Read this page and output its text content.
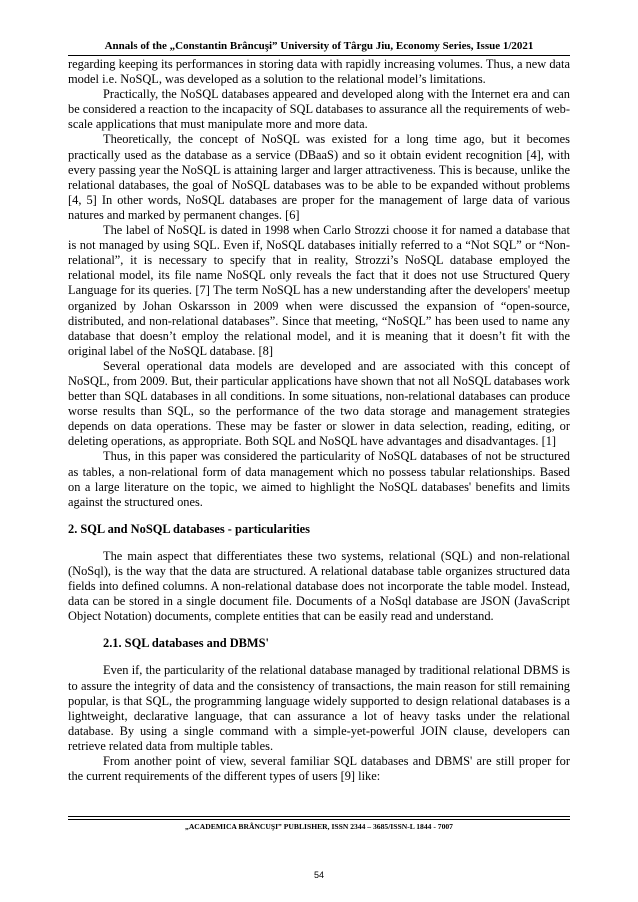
Annals of the „Constantin Brâncuşi” University of Târgu Jiu, Economy Series, Issue 1/2021

regarding keeping its performances in storing data with rapidly increasing volumes. Thus, a new data model i.e. NoSQL, was developed as a solution to the relational model’s limitations.

Practically, the NoSQL databases appeared and developed along with the Internet era and can be considered a reaction to the incapacity of SQL databases to assurance all the requirements of web-scale applications that must manipulate more and more data.

Theoretically, the concept of NoSQL was existed for a long time ago, but it becomes practically used as the database as a service (DBaaS) and so it obtain evident recognition [4], with every passing year the NoSQL is attaining larger and larger attractiveness. This is because, unlike the relational databases, the goal of NoSQL databases was to be able to be expanded without problems [4, 5] In other words, NoSQL databases are proper for the management of large data of various natures and marked by permanent changes. [6]

The label of NoSQL is dated in 1998 when Carlo Strozzi choose it for named a database that is not managed by using SQL. Even if, NoSQL databases initially referred to a “Not SQL” or “Non-relational”, it is necessary to specify that in reality, Strozzi’s NoSQL database employed the relational model, its file name NoSQL only reveals the fact that it does not use Structured Query Language for its queries. [7] The term NoSQL has a new understanding after the developers' meetup organized by Johan Oskarsson in 2009 when were discussed the expansion of “open-source, distributed, and non-relational databases”. Since that meeting, “NoSQL” has been used to name any database that doesn’t employ the relational model, and it is meaning that it doesn’t fit with the original label of the NoSQL database. [8]

Several operational data models are developed and are associated with this concept of NoSQL, from 2009. But, their particular applications have shown that not all NoSQL databases work better than SQL databases in all conditions. In some situations, non-relational databases can produce worse results than SQL, so the performance of the two data storage and management strategies depends on data operations. These may be faster or slower in data selection, reading, editing, or deleting operations, as appropriate. Both SQL and NoSQL have advantages and disadvantages. [1]

Thus, in this paper was considered the particularity of NoSQL databases of not be structured as tables, a non-relational form of data management which no possess tabular relationships. Based on a large literature on the topic, we aimed to highlight the NoSQL databases' benefits and limits against the structured ones.

2. SQL and NoSQL databases - particularities

The main aspect that differentiates these two systems, relational (SQL) and non-relational (NoSql), is the way that the data are structured. A relational database table organizes structured data fields into defined columns. A non-relational database does not incorporate the table model. Instead, data can be stored in a single document file. Documents of a NoSql database are JSON (JavaScript Object Notation) documents, complete entities that can be easily read and understand.

2.1. SQL databases and DBMS'

Even if, the particularity of the relational database managed by traditional relational DBMS is to assure the integrity of data and the consistency of transactions, the main reason for still remaining popular, is that SQL, the programming language widely supported to design relational databases is a lightweight, declarative language, that can assurance a lot of heavy tasks under the relational database. By using a single command with a simple-yet-powerful JOIN clause, developers can retrieve related data from multiple tables.

From another point of view, several familiar SQL databases and DBMS' are still proper for the current requirements of the different types of users [9] like:

„ACADEMICA BRÂNCUŞI” PUBLISHER, ISSN 2344 – 3685/ISSN-L 1844 - 7007
54
